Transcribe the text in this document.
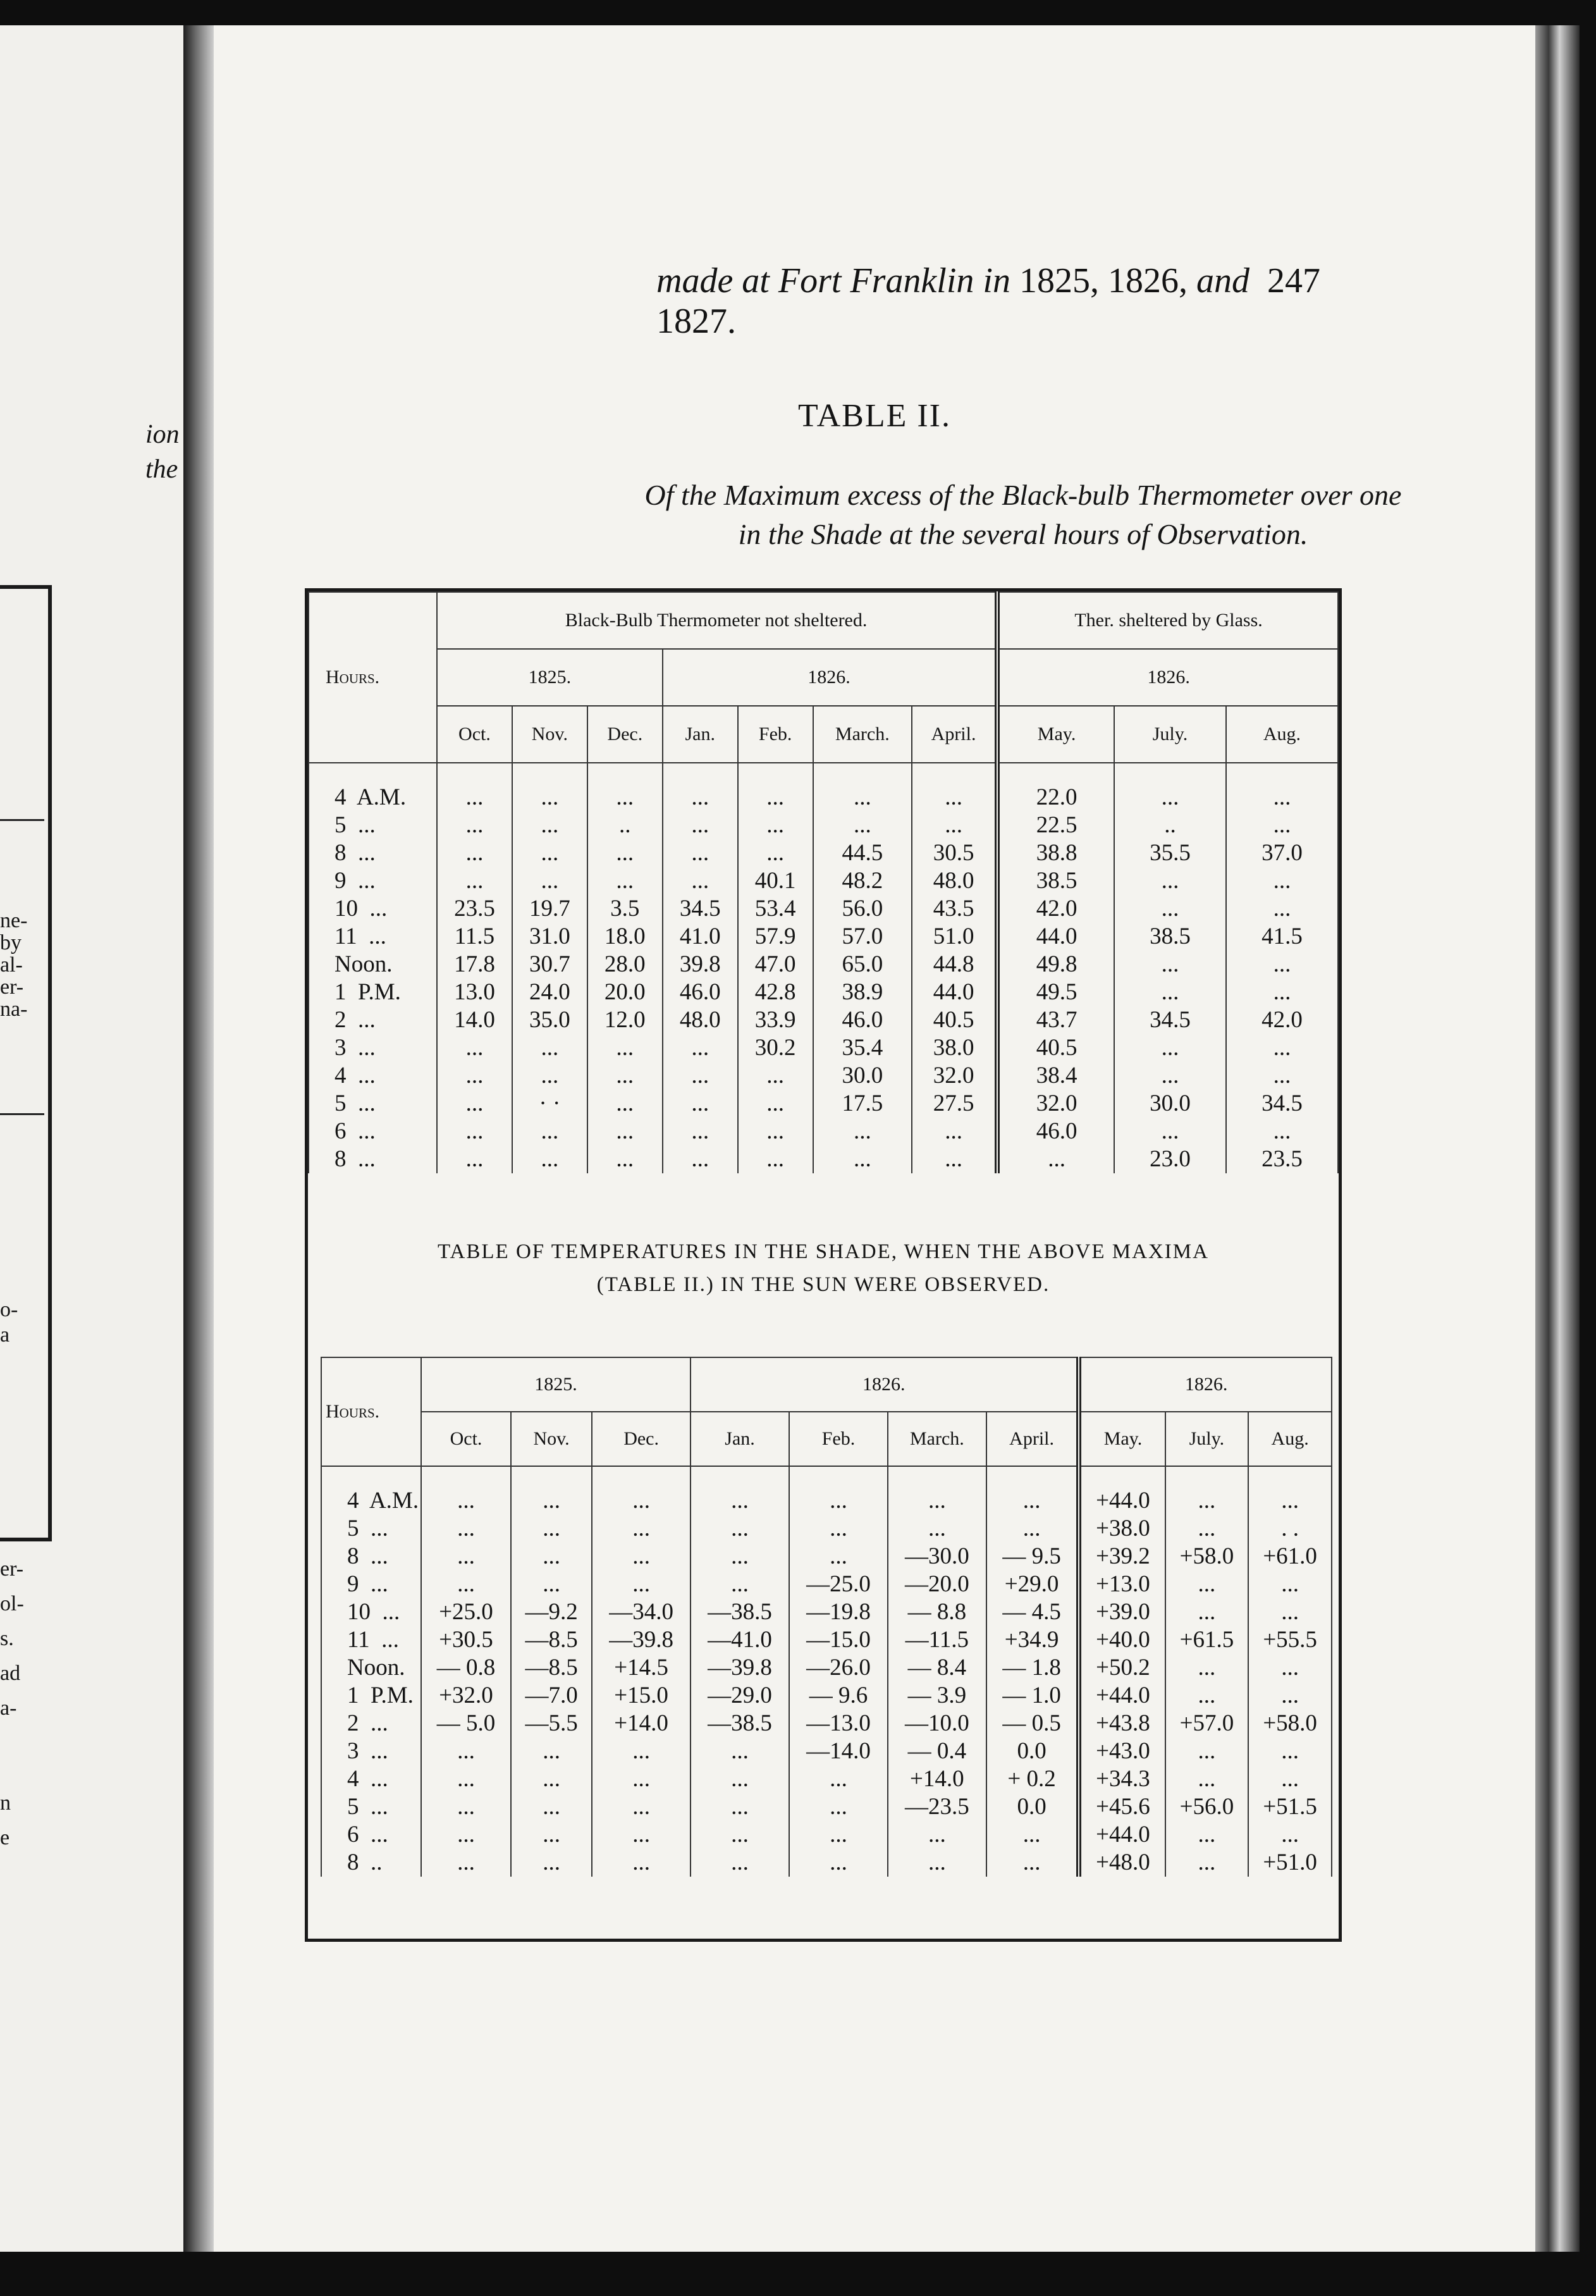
ion
the
ne-
by
al-
er-
na-
o-
a
er-
ol-
s.
ad
a-
n
e
made at Fort Franklin in 1825, 1826, and 1827.
247
TABLE II.
Of the Maximum excess of the Black-bulb Thermometer over one
in the Shade at the several hours of Observation.
Hours.	Black-Bulb Thermometer not sheltered.							Ther. sheltered by Glass.		
	1825.			1826.				1826.		
	Oct.	Nov.	Dec.	Jan.	Feb.	March.	April.	May.	July.	Aug.
4  A.M.	...	...	...	...	...	...	...	22.0	...	...
5  ...	...	...	..	...	...	...	...	22.5	..	...
8  ...	...	...	...	...	...	44.5	30.5	38.8	35.5	37.0
9  ...	...	...	...	...	40.1	48.2	48.0	38.5	...	...
10  ...	23.5	19.7	3.5	34.5	53.4	56.0	43.5	42.0	...	...
11  ...	11.5	31.0	18.0	41.0	57.9	57.0	51.0	44.0	38.5	41.5
Noon.	17.8	30.7	28.0	39.8	47.0	65.0	44.8	49.8	...	...
1  P.M.	13.0	24.0	20.0	46.0	42.8	38.9	44.0	49.5	...	...
2  ...	14.0	35.0	12.0	48.0	33.9	46.0	40.5	43.7	34.5	42.0
3  ...	...	...	...	...	30.2	35.4	38.0	40.5	...	...
4  ...	...	...	...	...	...	30.0	32.0	38.4	...	...
5  ...	...	· ·	...	...	...	17.5	27.5	32.0	30.0	34.5
6  ...	...	...	...	...	...	...	...	46.0	...	...
8  ...	...	...	...	...	...	...	...	...	23.0	23.5
TABLE OF TEMPERATURES IN THE SHADE, WHEN THE ABOVE MAXIMA
(TABLE II.) IN THE SUN WERE OBSERVED.
Hours.	1825.			1826.				1826.		
	Oct.	Nov.	Dec.	Jan.	Feb.	March.	April.	May.	July.	Aug.
4  A.M.	...	...	...	...	...	...	...	+44.0	...	...
5  ...	...	...	...	...	...	...	...	+38.0	...	. .
8  ...	...	...	...	...	...	—30.0	— 9.5	+39.2	+58.0	+61.0
9  ...	...	...	...	...	—25.0	—20.0	+29.0	+13.0	...	...
10  ...	+25.0	—9.2	—34.0	—38.5	—19.8	— 8.8	— 4.5	+39.0	...	...
11  ...	+30.5	—8.5	—39.8	—41.0	—15.0	—11.5	+34.9	+40.0	+61.5	+55.5
Noon.	— 0.8	—8.5	+14.5	—39.8	—26.0	— 8.4	— 1.8	+50.2	...	...
1  P.M.	+32.0	—7.0	+15.0	—29.0	— 9.6	— 3.9	— 1.0	+44.0	...	...
2  ...	— 5.0	—5.5	+14.0	—38.5	—13.0	—10.0	— 0.5	+43.8	+57.0	+58.0
3  ...	...	...	...	...	—14.0	— 0.4	0.0	+43.0	...	...
4  ...	...	...	...	...	...	+14.0	+ 0.2	+34.3	...	...
5  ...	...	...	...	...	...	—23.5	0.0	+45.6	+56.0	+51.5
6  ...	...	...	...	...	...	...	...	+44.0	...	...
8  ..	...	...	...	...	...	...	...	+48.0	...	+51.0
